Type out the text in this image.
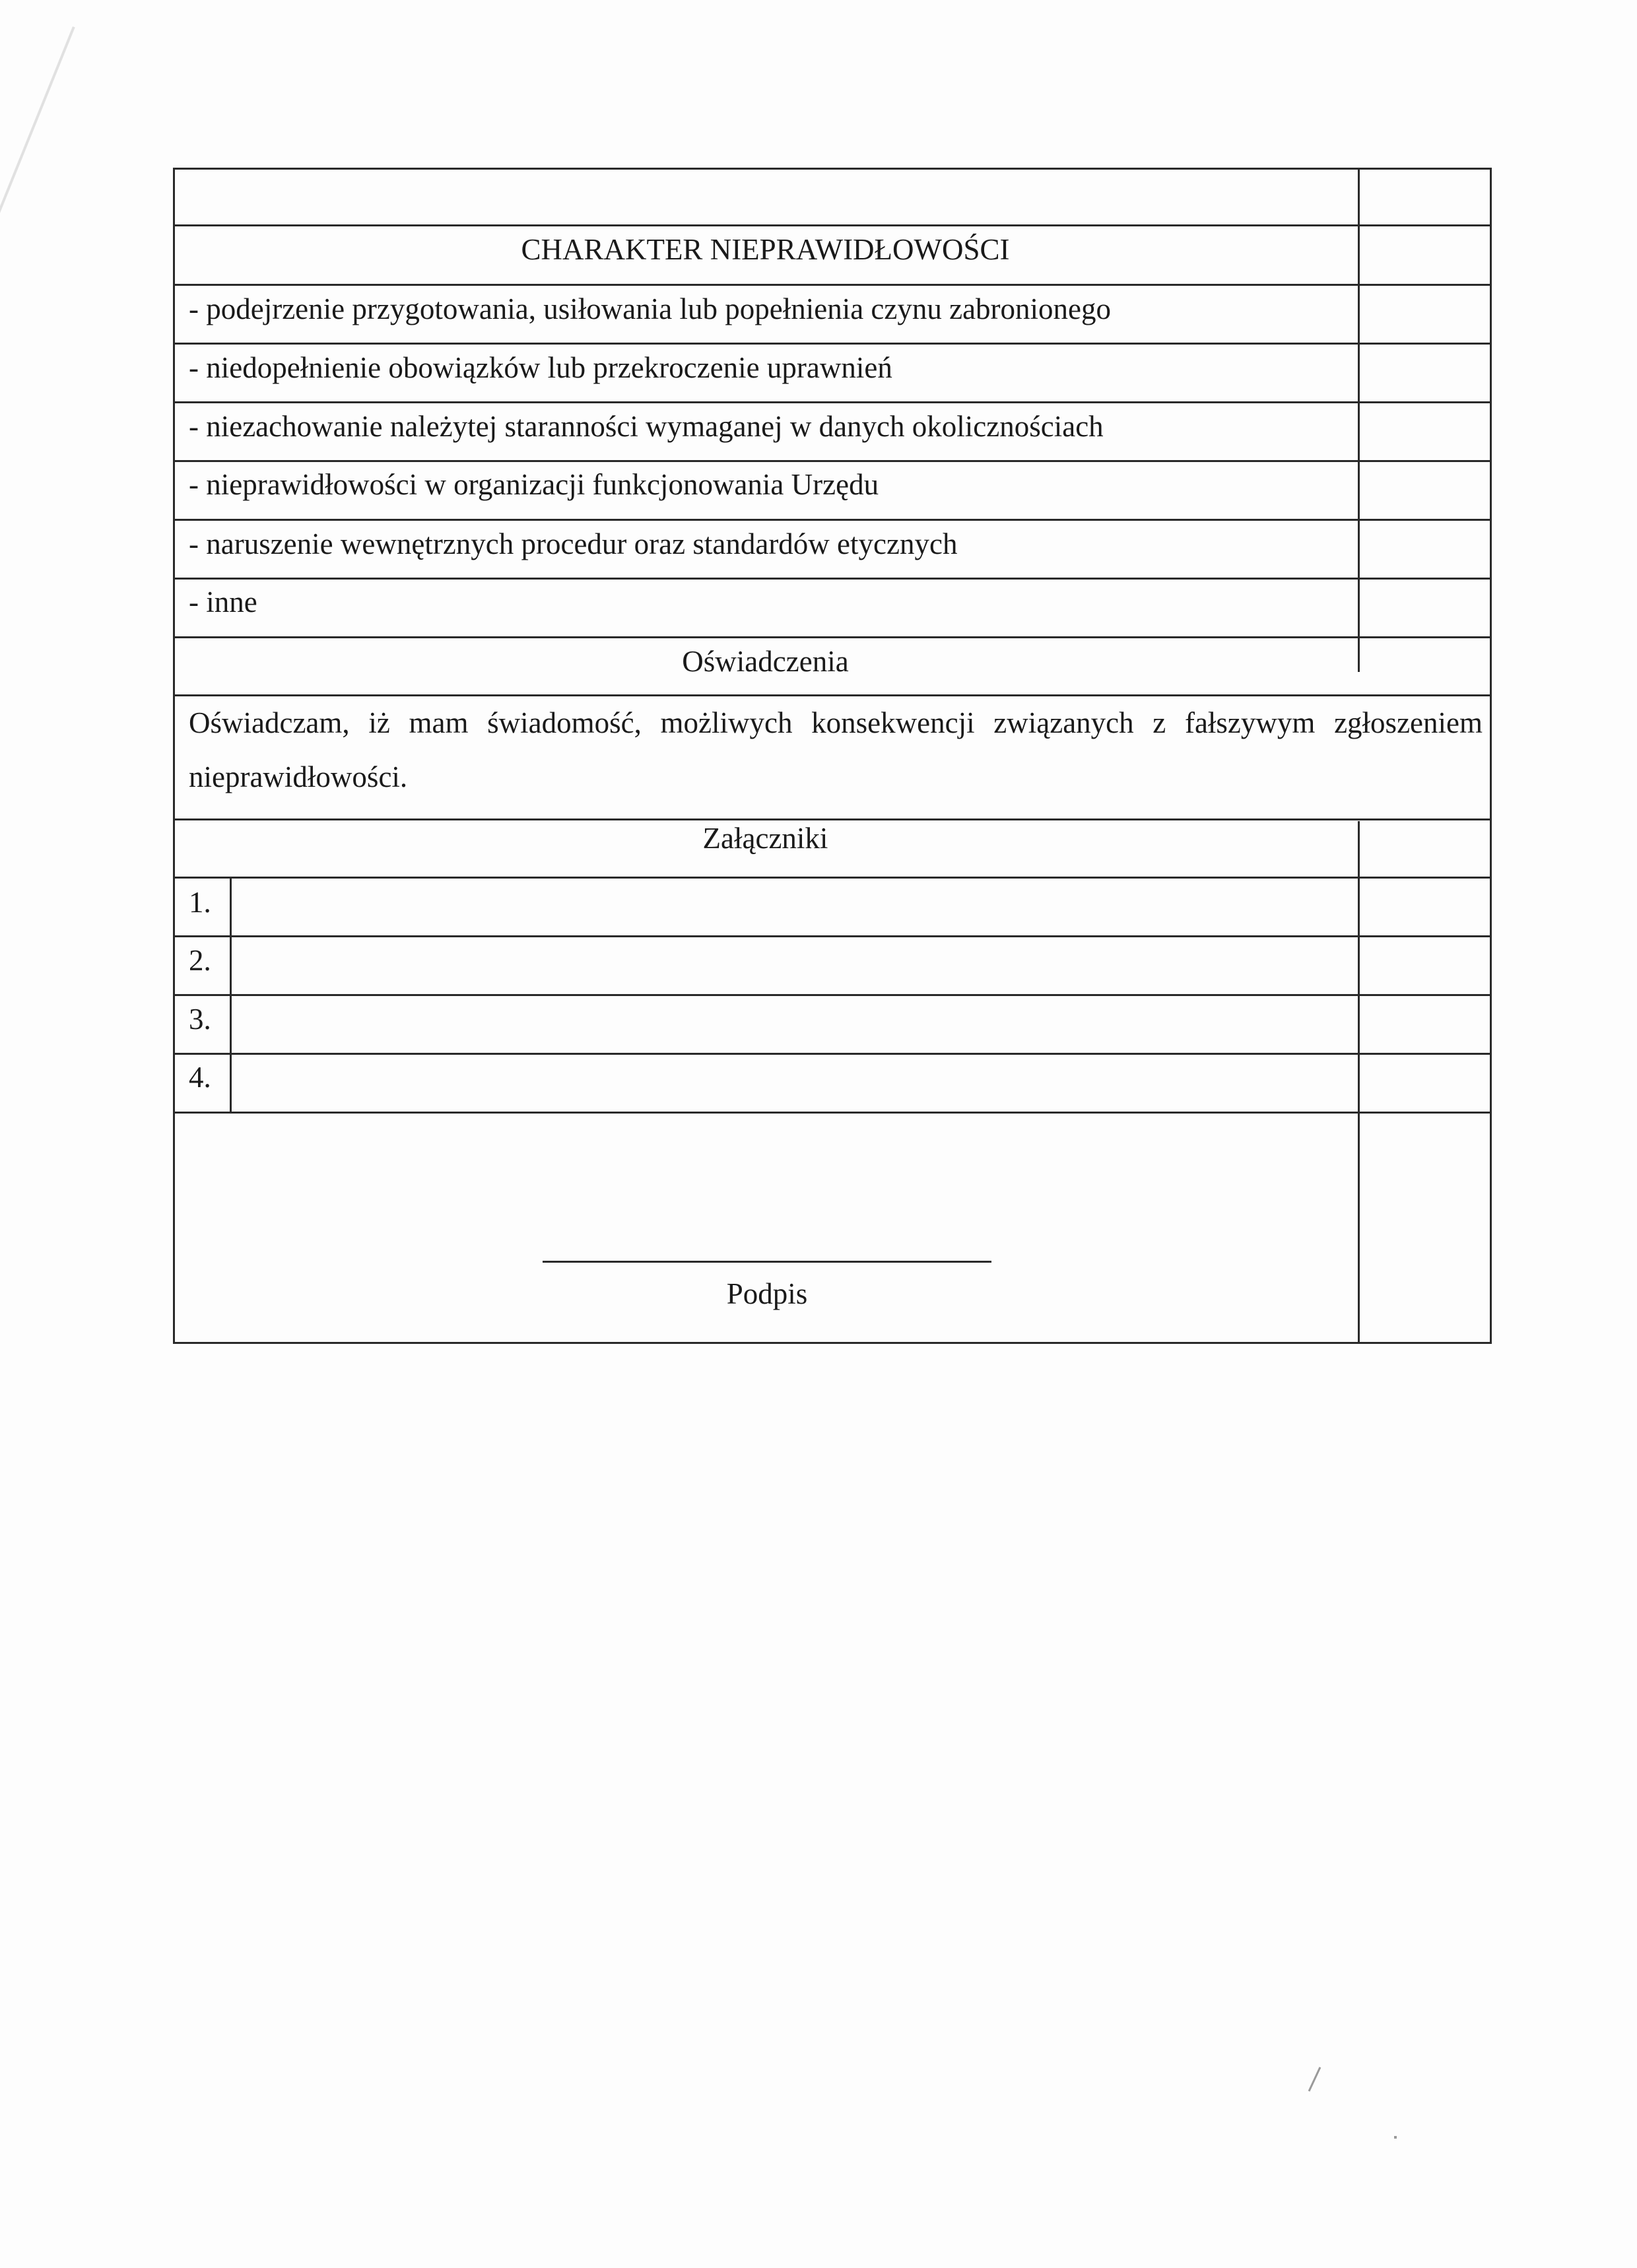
CHARAKTER NIEPRAWIDŁOWOŚCI
- podejrzenie przygotowania, usiłowania lub popełnienia czynu zabronionego
- niedopełnienie obowiązków lub przekroczenie uprawnień
- niezachowanie należytej staranności wymaganej w danych okolicznościach
- nieprawidłowości w organizacji funkcjonowania Urzędu
- naruszenie wewnętrznych procedur oraz standardów etycznych
- inne
Oświadczenia
Oświadczam, iż mam świadomość, możliwych konsekwencji związanych z fałszywym zgłoszeniem nieprawidłowości.
Załączniki
1.
2.
3.
4.
Podpis
